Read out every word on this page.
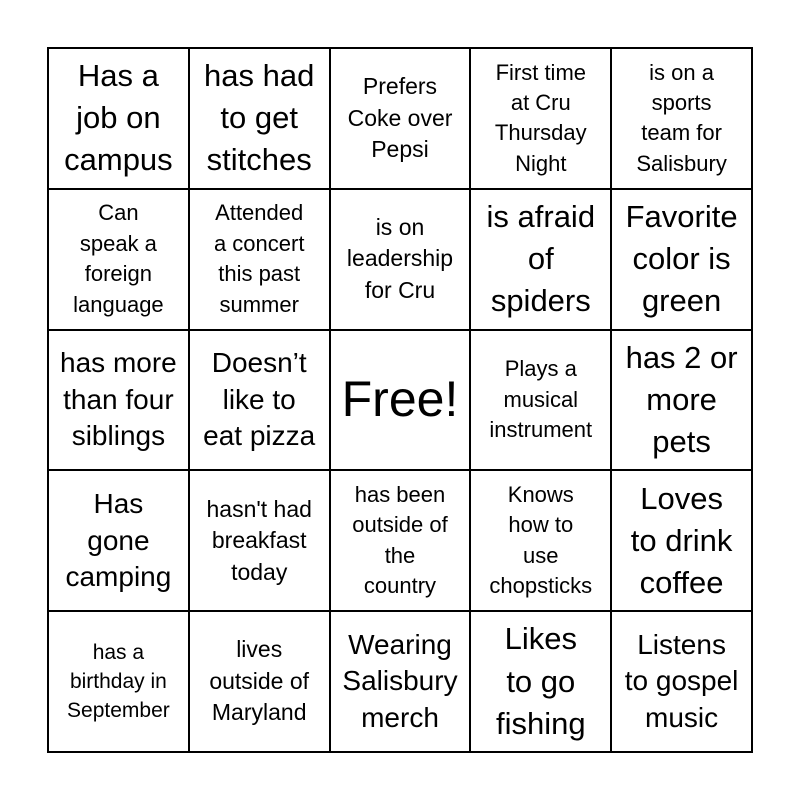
Has a
job on
campus
has had
to get
stitches
Prefers
Coke over
Pepsi
First time
at Cru
Thursday
Night
is on a
sports
team for
Salisbury
Can
speak a
foreign
language
Attended
a concert
this past
summer
is on
leadership
for Cru
is afraid
of
spiders
Favorite
color is
green
has more
than four
siblings
Doesn’t
like to
eat pizza
Free!
Plays a
musical
instrument
has 2 or
more
pets
Has
gone
camping
hasn't had
breakfast
today
has been
outside of
the
country
Knows
how to
use
chopsticks
Loves
to drink
coffee
has a
birthday in
September
lives
outside of
Maryland
Wearing
Salisbury
merch
Likes
to go
fishing
Listens
to gospel
music
